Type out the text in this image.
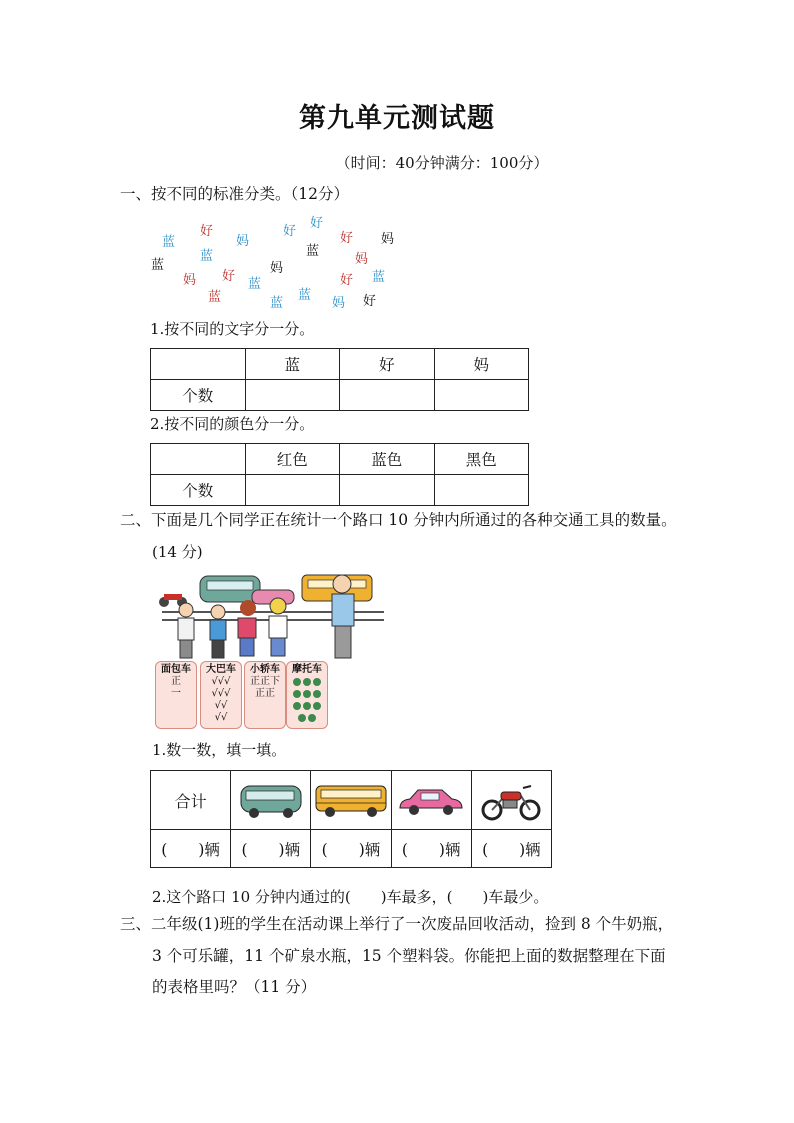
第九单元测试题
（时间：40分钟满分：100分）
一、按不同的标准分类。（12分）
好	好
好
蓝	妈	好 妈
蓝	蓝
蓝	妈
妈 好
妈
好 蓝
蓝
蓝	蓝
蓝
妈 好
1.按不同的文字分一分。
	蓝	好	妈
个数			
2.按不同的颜色分一分。
	红色	蓝色	黑色
个数			
二、下面是几个同学正在统计一个路口 10 分钟内所通过的各种交通工具的数量。
(14 分)
面包车
正
一
大巴车
√√√
√√√
√√
√√
小轿车
正正下
正正
摩托车
1.数一数，填一填。
合计	

(　　)辆	(　　)辆	(　　)辆	(　　)辆	(　　)辆
2.这个路口 10 分钟内通过的(　　)车最多，(　　)车最少。
三、二年级(1)班的学生在活动课上举行了一次废品回收活动，捡到 8 个牛奶瓶，
3 个可乐罐，11 个矿泉水瓶，15 个塑料袋。你能把上面的数据整理在下面
的表格里吗？（11 分）
